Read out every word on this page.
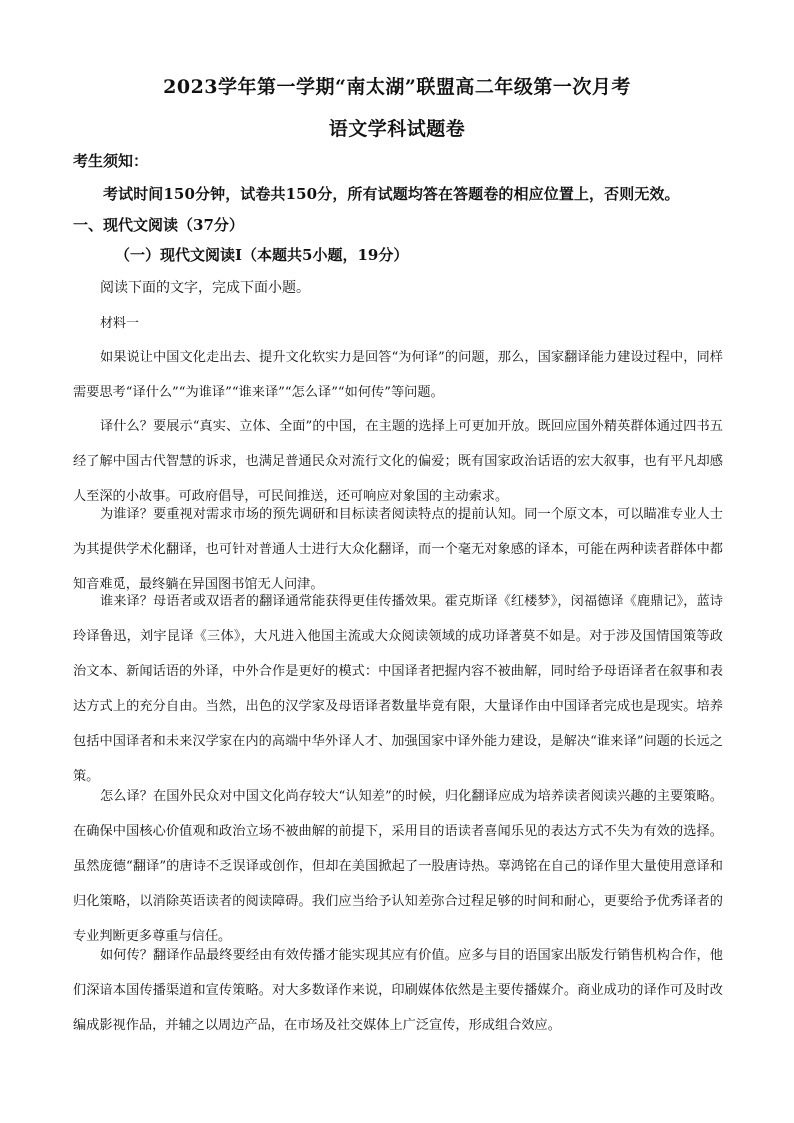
2023学年第一学期“南太湖”联盟高二年级第一次月考
语文学科试题卷
考生须知：
考试时间150分钟，试卷共150分，所有试题均答在答题卷的相应位置上，否则无效。
一、现代文阅读（37分）
（一）现代文阅读Ⅰ（本题共5小题，19分）
阅读下面的文字，完成下面小题。
材料一

如果说让中国文化走出去、提升文化软实力是回答“为何译”的问题，那么，国家翻译能力建设过程中，同样需要思考“译什么”“为谁译”“谁来译”“怎么译”“如何传”等问题。

译什么？要展示“真实、立体、全面”的中国，在主题的选择上可更加开放。既回应国外精英群体通过四书五经了解中国古代智慧的诉求，也满足普通民众对流行文化的偏爱；既有国家政治话语的宏大叙事，也有平凡却感人至深的小故事。可政府倡导，可民间推送，还可响应对象国的主动索求。

为谁译？要重视对需求市场的预先调研和目标读者阅读特点的提前认知。同一个原文本，可以瞄准专业人士为其提供学术化翻译，也可针对普通人士进行大众化翻译，而一个毫无对象感的译本，可能在两种读者群体中都知音难觅，最终躺在异国图书馆无人问津。

谁来译？母语者或双语者的翻译通常能获得更佳传播效果。霍克斯译《红楼梦》，闵福德译《鹿鼎记》，蓝诗玲译鲁迅，刘宇昆译《三体》，大凡进入他国主流或大众阅读领域的成功译著莫不如是。对于涉及国情国策等政治文本、新闻话语的外译，中外合作是更好的模式：中国译者把握内容不被曲解，同时给予母语译者在叙事和表达方式上的充分自由。当然，出色的汉学家及母语译者数量毕竟有限，大量译作由中国译者完成也是现实。培养包括中国译者和未来汉学家在内的高端中华外译人才、加强国家中译外能力建设，是解决“谁来译”问题的长远之策。

怎么译？在国外民众对中国文化尚存较大“认知差”的时候，归化翻译应成为培养读者阅读兴趣的主要策略。在确保中国核心价值观和政治立场不被曲解的前提下，采用目的语读者喜闻乐见的表达方式不失为有效的选择。虽然庞德“翻译”的唐诗不乏误译或创作，但却在美国掀起了一股唐诗热。辜鸿铭在自己的译作里大量使用意译和归化策略，以消除英语读者的阅读障碍。我们应当给予认知差弥合过程足够的时间和耐心，更要给予优秀译者的专业判断更多尊重与信任。

如何传？翻译作品最终要经由有效传播才能实现其应有价值。应多与目的语国家出版发行销售机构合作，他们深谙本国传播渠道和宣传策略。对大多数译作来说，印刷媒体依然是主要传播媒介。商业成功的译作可及时改编成影视作品，并辅之以周边产品，在市场及社交媒体上广泛宣传，形成组合效应。
